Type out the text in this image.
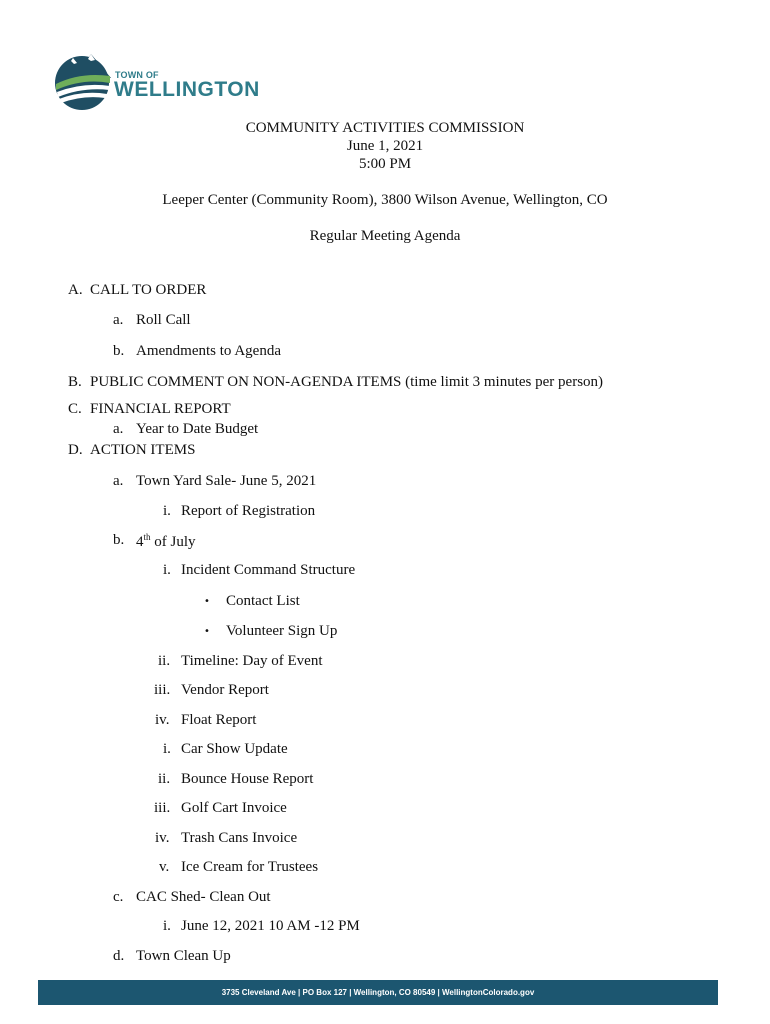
TOWN OF
WELLINGTON
COMMUNITY ACTIVITIES COMMISSION
June 1, 2021
5:00 PM
Leeper Center (Community Room), 3800 Wilson Avenue, Wellington, CO
Regular Meeting Agenda
A. CALL TO ORDER
a. Roll Call
b. Amendments to Agenda
B. PUBLIC COMMENT ON NON-AGENDA ITEMS (time limit 3 minutes per person)
C. FINANCIAL REPORT
a. Year to Date Budget
D. ACTION ITEMS
a. Town Yard Sale- June 5, 2021
i. Report of Registration
b. 4th of July
i. Incident Command Structure
• Contact List
• Volunteer Sign Up
ii. Timeline: Day of Event
iii. Vendor Report
iv. Float Report
i. Car Show Update
ii. Bounce House Report
iii. Golf Cart Invoice
iv. Trash Cans Invoice
v. Ice Cream for Trustees
c. CAC Shed- Clean Out
i. June 12, 2021 10 AM -12 PM
d. Town Clean Up
3735 Cleveland Ave | PO Box 127 | Wellington, CO 80549 | WellingtonColorado.gov
